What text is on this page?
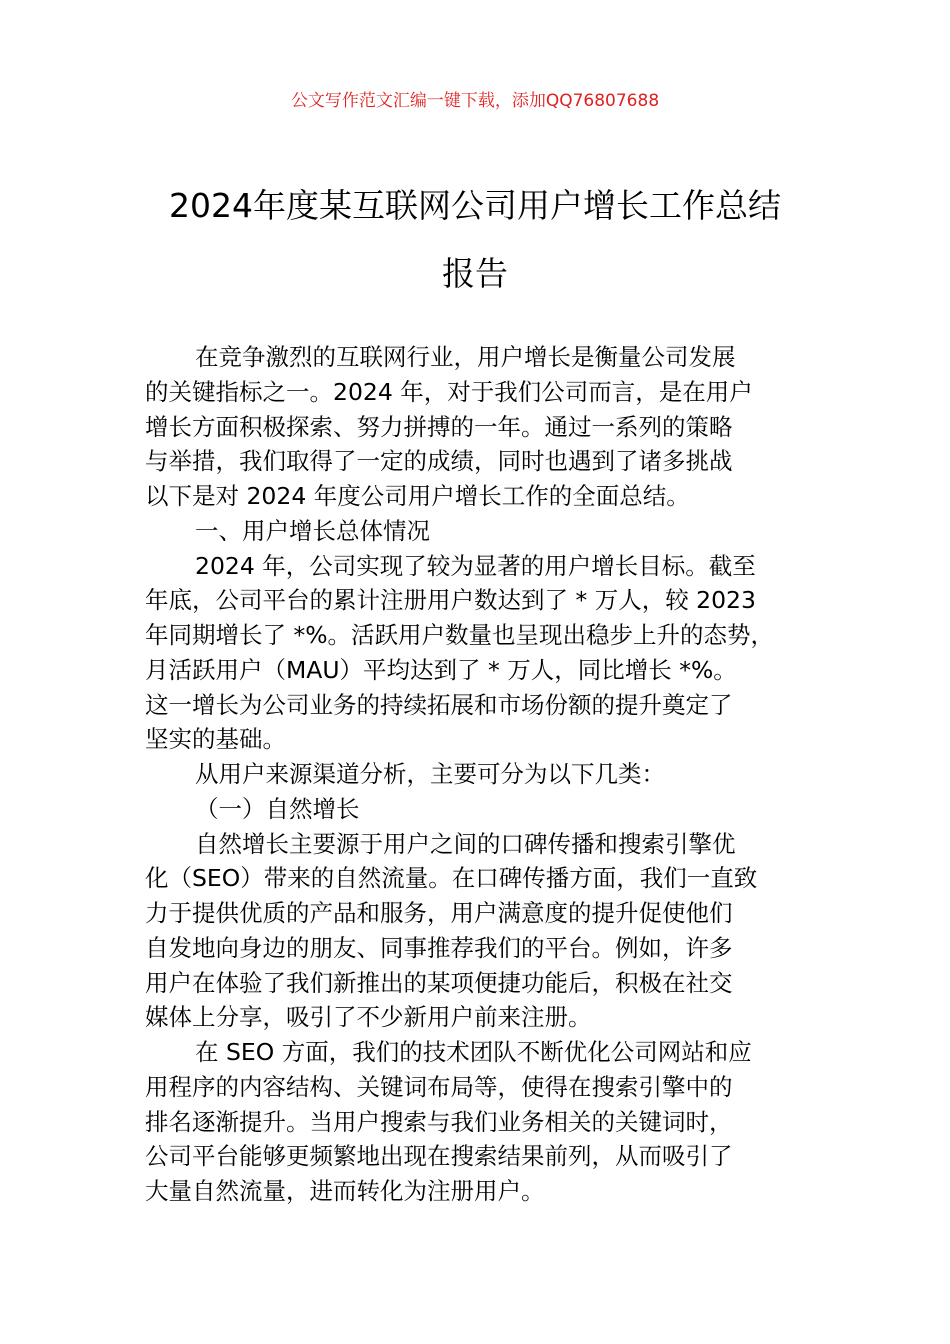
公文写作范文汇编一键下载，添加QQ76807688
2024年度某互联网公司用户增长工作总结
报告
在竞争激烈的互联网行业，用户增长是衡量公司发展
的关键指标之一。2024 年，对于我们公司而言，是在用户
增长方面积极探索、努力拼搏的一年。通过一系列的策略
与举措，我们取得了一定的成绩，同时也遇到了诸多挑战
以下是对 2024 年度公司用户增长工作的全面总结。
一、用户增长总体情况
2024 年，公司实现了较为显著的用户增长目标。截至
年底，公司平台的累计注册用户数达到了 * 万人，较 2023
年同期增长了 *%。活跃用户数量也呈现出稳步上升的态势，
月活跃用户（MAU）平均达到了 * 万人，同比增长 *%。
这一增长为公司业务的持续拓展和市场份额的提升奠定了
坚实的基础。
从用户来源渠道分析，主要可分为以下几类：
（一）自然增长
自然增长主要源于用户之间的口碑传播和搜索引擎优
化（SEO）带来的自然流量。在口碑传播方面，我们一直致
力于提供优质的产品和服务，用户满意度的提升促使他们
自发地向身边的朋友、同事推荐我们的平台。例如，许多
用户在体验了我们新推出的某项便捷功能后，积极在社交
媒体上分享，吸引了不少新用户前来注册。
在 SEO 方面，我们的技术团队不断优化公司网站和应
用程序的内容结构、关键词布局等，使得在搜索引擎中的
排名逐渐提升。当用户搜索与我们业务相关的关键词时，
公司平台能够更频繁地出现在搜索结果前列，从而吸引了
大量自然流量，进而转化为注册用户。
